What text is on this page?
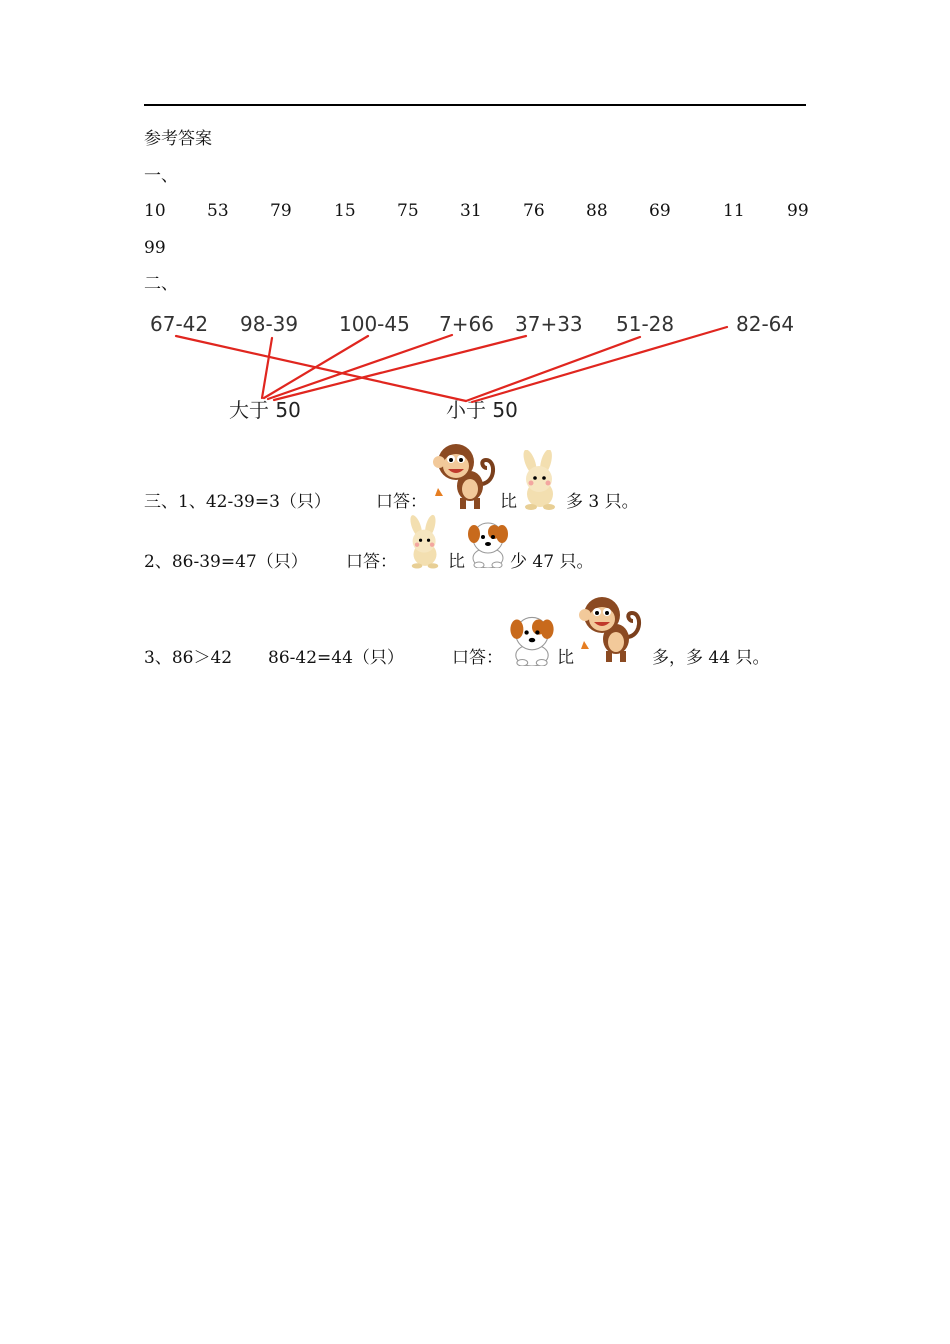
参考答案
一、
10 53 79 15 75 31 76 88 69	11 99
99
二、
67-42 98-39 100-45 7+66 37+33 51-28	82-64
大于 50	小于 50
三、1、42-39=3（只）	口答：	比	多 3 只。
2、86-39=47（只） 口答：	比	少 47 只。
3、86＞42 86-42=44（只）	口答：	比	多，多 44 只。
